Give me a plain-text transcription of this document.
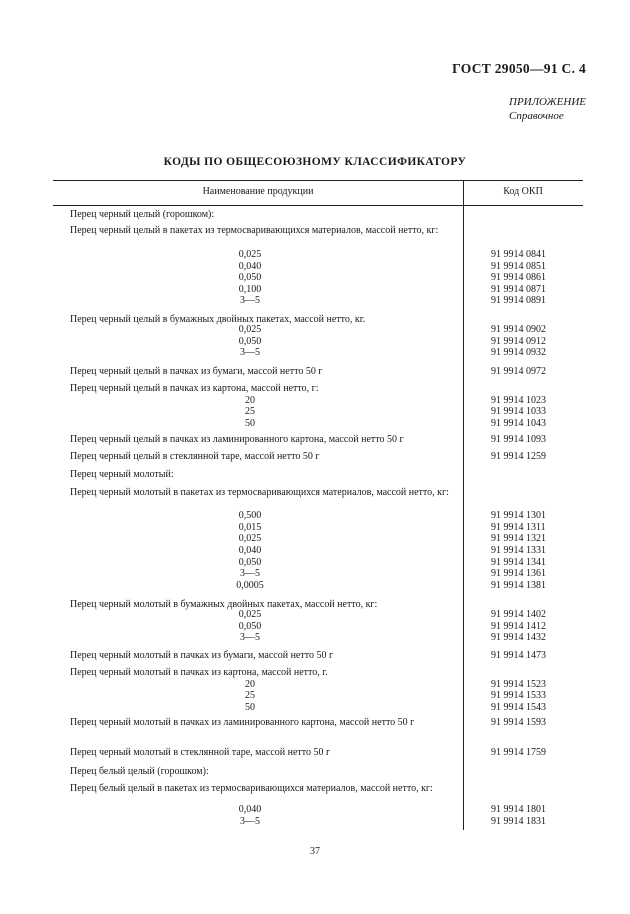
ГОСТ 29050—91 С. 4
ПРИЛОЖЕНИЕ
Справочное
КОДЫ ПО ОБЩЕСОЮЗНОМУ КЛАССИФИКАТОРУ
Наименование продукции	Код ОКП
Перец черный целый (горошком):
Перец черный целый в пакетах из термосваривающихся материалов, массой нетто, кг:
0,025	91 9914 0841
0,040	91 9914 0851
0,050	91 9914 0861
0,100	91 9914 0871
3—5	91 9914 0891
Перец черный целый в бумажных двойных пакетах, массой нетто, кг.
0,025	91 9914 0902
0,050	91 9914 0912
3—5	91 9914 0932
Перец черный целый в пачках из бумаги, массой нетто 50 г	91 9914 0972
Перец черный целый в пачках из картона, массой нетто, г:
20	91 9914 1023
25	91 9914 1033
50	91 9914 1043
Перец черный целый в пачках из ламинированного картона, массой нетто 50 г	91 9914 1093
Перец черный целый в стеклянной таре, массой нетто 50 г	91 9914 1259
Перец черный молотый:
Перец черный молотый в пакетах из термосваривающихся материалов, массой нетто, кг:
0,500	91 9914 1301
0,015	91 9914 1311
0,025	91 9914 1321
0,040	91 9914 1331
0,050	91 9914 1341
3—5	91 9914 1361
0,0005	91 9914 1381
Перец черный молотый в бумажных двойных пакетах, массой нетто, кг:
0,025	91 9914 1402
0,050	91 9914 1412
3—5	91 9914 1432
Перец черный молотый в пачках из бумаги, массой нетто 50 г	91 9914 1473
Перец черный молотый в пачках из картона, массой нетто, г.
20	91 9914 1523
25	91 9914 1533
50	91 9914 1543
Перец черный молотый в пачках из ламинированного картона, массой нетто 50 г	91 9914 1593
Перец черный молотый в стеклянной таре, массой нетто 50 г	91 9914 1759
Перец белый целый (горошком):
Перец белый целый в пакетах из термосваривающихся материалов, массой нетто, кг:
0,040	91 9914 1801
3—5	91 9914 1831
37
